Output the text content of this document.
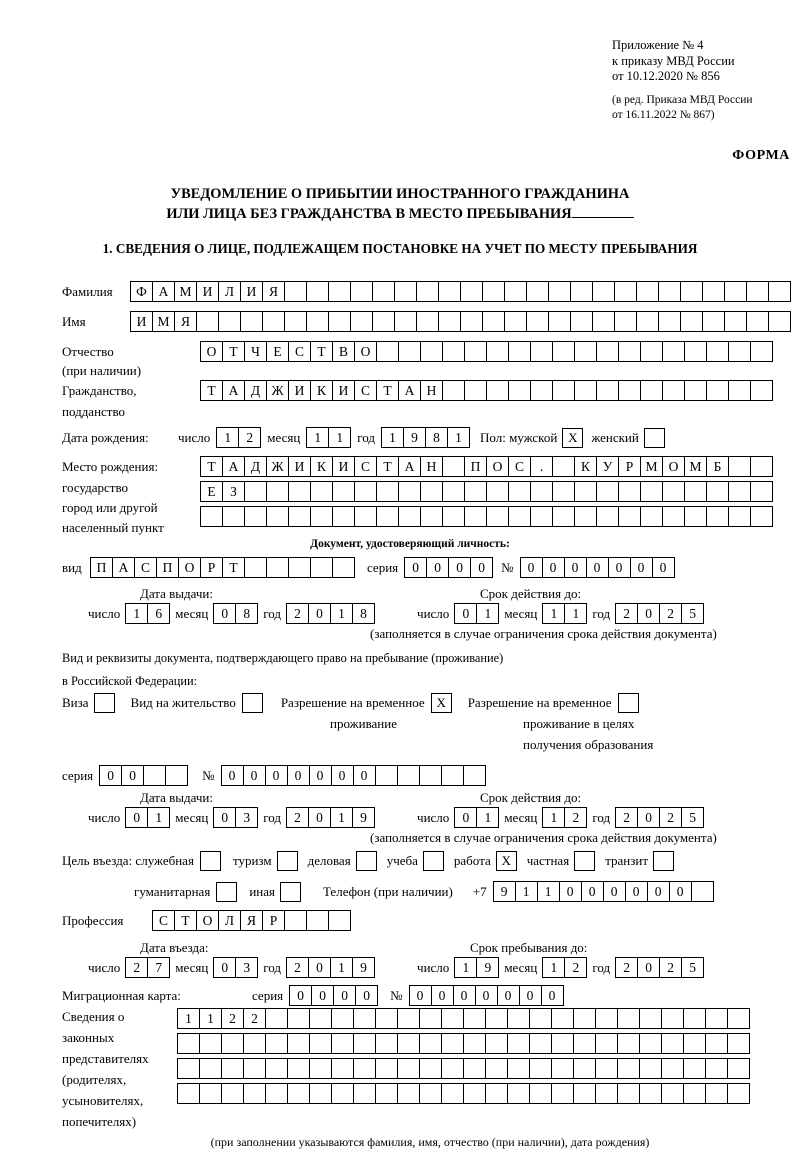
Приложение № 4
к приказу МВД России
от 10.12.2020 № 856
(в ред. Приказа МВД России
от 16.11.2022 № 867)
ФОРМА
УВЕДОМЛЕНИЕ О ПРИБЫТИИ ИНОСТРАННОГО ГРАЖДАНИНА
ИЛИ ЛИЦА БЕЗ ГРАЖДАНСТВА В МЕСТО ПРЕБЫВАНИЯ
1. СВЕДЕНИЯ О ЛИЦЕ, ПОДЛЕЖАЩЕМ ПОСТАНОВКЕ НА УЧЕТ ПО МЕСТУ ПРЕБЫВАНИЯ
Фамилия	Ф А М И Л И Я
Имя	И М Я
Отчество	О Т Ч Е С Т В О
(при наличии)
Гражданство,	Т А Д Ж И К И С Т А Н
подданство
Дата рождения:	число	1	2	месяц	1	1	год	1	9	8	1	Пол: мужской X	женский
Место рождения:	Т А Д Ж И К И С Т А Н	П О С	.	К У Р М О М Б
государство	Е	З
город или другой
населенный пункт
Документ, удостоверяющий личность:
вид	П А С П О Р	Т	серия	0	0	0	0	№	0	0	0	0	0	0	0
Дата выдачи:	Срок действия до:
число 1	6	месяц 0	8	год 2	0	1	8	число 0	1	месяц 1	1	год 2	0	2	5
(заполняется в случае ограничения срока действия документа)
Вид и реквизиты документа, подтверждающего право на пребывание (проживание)
в Российской Федерации:
Виза	Вид на жительство	Разрешение на временное X	Разрешение на временное
проживание	проживание в целях
получения образования
серия	0	0	№	0	0	0	0	0	0	0
Дата выдачи:	Срок действия до:
число 0	1	месяц 0	3	год 2	0	1	9	число 0	1	месяц 1	2	год 2	0	2	5
(заполняется в случае ограничения срока действия документа)
Цель въезда: служебная	туризм	деловая	учеба	работа X	частная	транзит
гуманитарная	иная	Телефон (при наличии) +7	9	1	1	0	0	0	0	0	0
Профессия	С Т О Л Я	Р
Дата въезда:	Срок пребывания до:
число 2	7	месяц 0	3	год 2	0	1	9	число 1	9	месяц 1	2	год 2	0	2	5
Миграционная карта:	серия	0	0	0	0	№	0	0	0	0	0	0	0
Сведения о
законных
представителях
(родителях,
усыновителях,
попечителях)
1	1	2	2
(при заполнении указываются фамилия, имя, отчество (при наличии), дата рождения)
